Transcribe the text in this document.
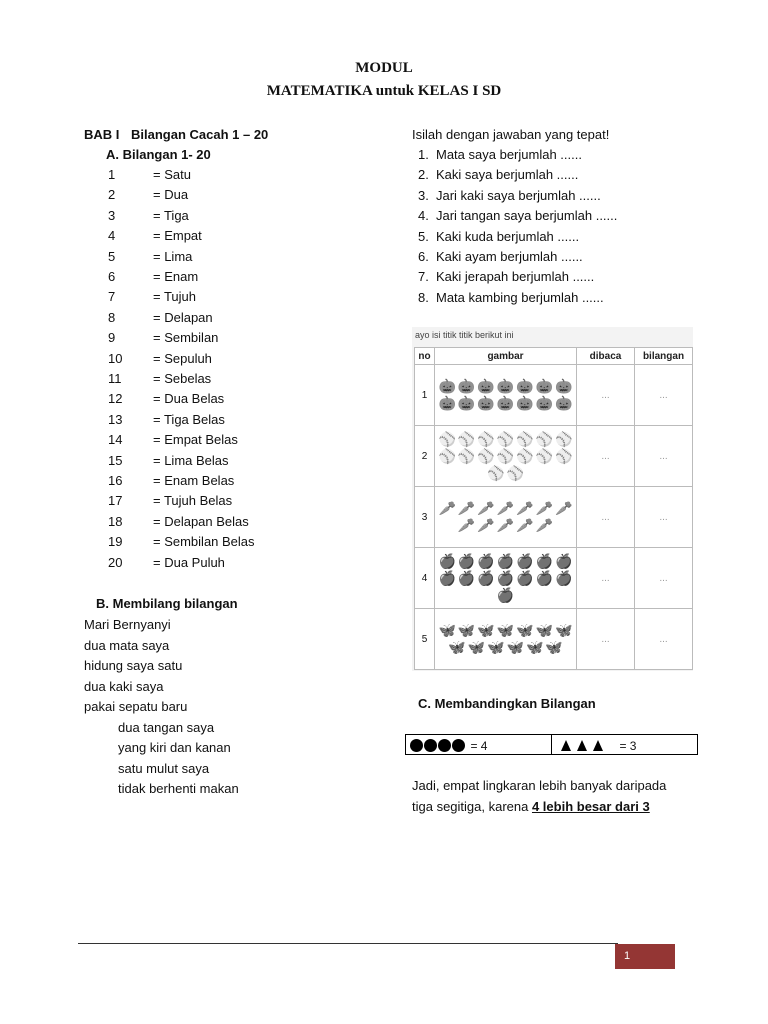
MODUL
MATEMATIKA untuk KELAS I SD
BAB I Bilangan Cacah 1 – 20
A. Bilangan 1- 20
1	= Satu
2	= Dua
3	= Tiga
4	= Empat
5	= Lima
6	= Enam
7	= Tujuh
8	= Delapan
9	= Sembilan
10 = Sepuluh
11 = Sebelas
12 = Dua Belas
13 = Tiga Belas
14 = Empat Belas
15 = Lima Belas
16 = Enam Belas
17 = Tujuh Belas
18 = Delapan Belas
19 = Sembilan Belas
20 = Dua Puluh
B. Membilang bilangan
Mari Bernyanyi
dua mata saya
hidung saya satu
dua kaki saya
pakai sepatu baru
dua tangan saya
yang kiri dan kanan
satu mulut saya
tidak berhenti makan
Isilah dengan jawaban yang tepat!
1. Mata saya berjumlah ......
2. Kaki saya berjumlah ......
3. Jari kaki saya berjumlah ......
4. Jari tangan saya berjumlah ......
5. Kaki kuda berjumlah ......
6. Kaki ayam berjumlah ......
7. Kaki jerapah berjumlah ......
8. Mata kambing berjumlah ......
ayo isi titik titik berikut ini
no	gambar	dibaca	bilangan
1	🎃 🎃 🎃 🎃 🎃 🎃 🎃🎃 🎃 🎃 🎃 🎃 🎃 🎃	...	...
2	⚾ ⚾ ⚾ ⚾ ⚾ ⚾ ⚾⚾ ⚾ ⚾ ⚾ ⚾ ⚾ ⚾⚾ ⚾	...	...
3	🥕 🥕 🥕 🥕 🥕 🥕 🥕🥕 🥕 🥕 🥕 🥕	...	...
4	🍎 🍎 🍎 🍎 🍎 🍎 🍎🍎 🍎 🍎 🍎 🍎 🍎 🍎🍎	...	...
5	🦋 🦋 🦋 🦋 🦋 🦋 🦋🦋 🦋 🦋 🦋 🦋 🦋	...	...
C. Membandingkan Bilangan
= 4	= 3
Jadi, empat lingkaran lebih banyak daripada
tiga segitiga, karena 4 lebih besar dari 3
1
